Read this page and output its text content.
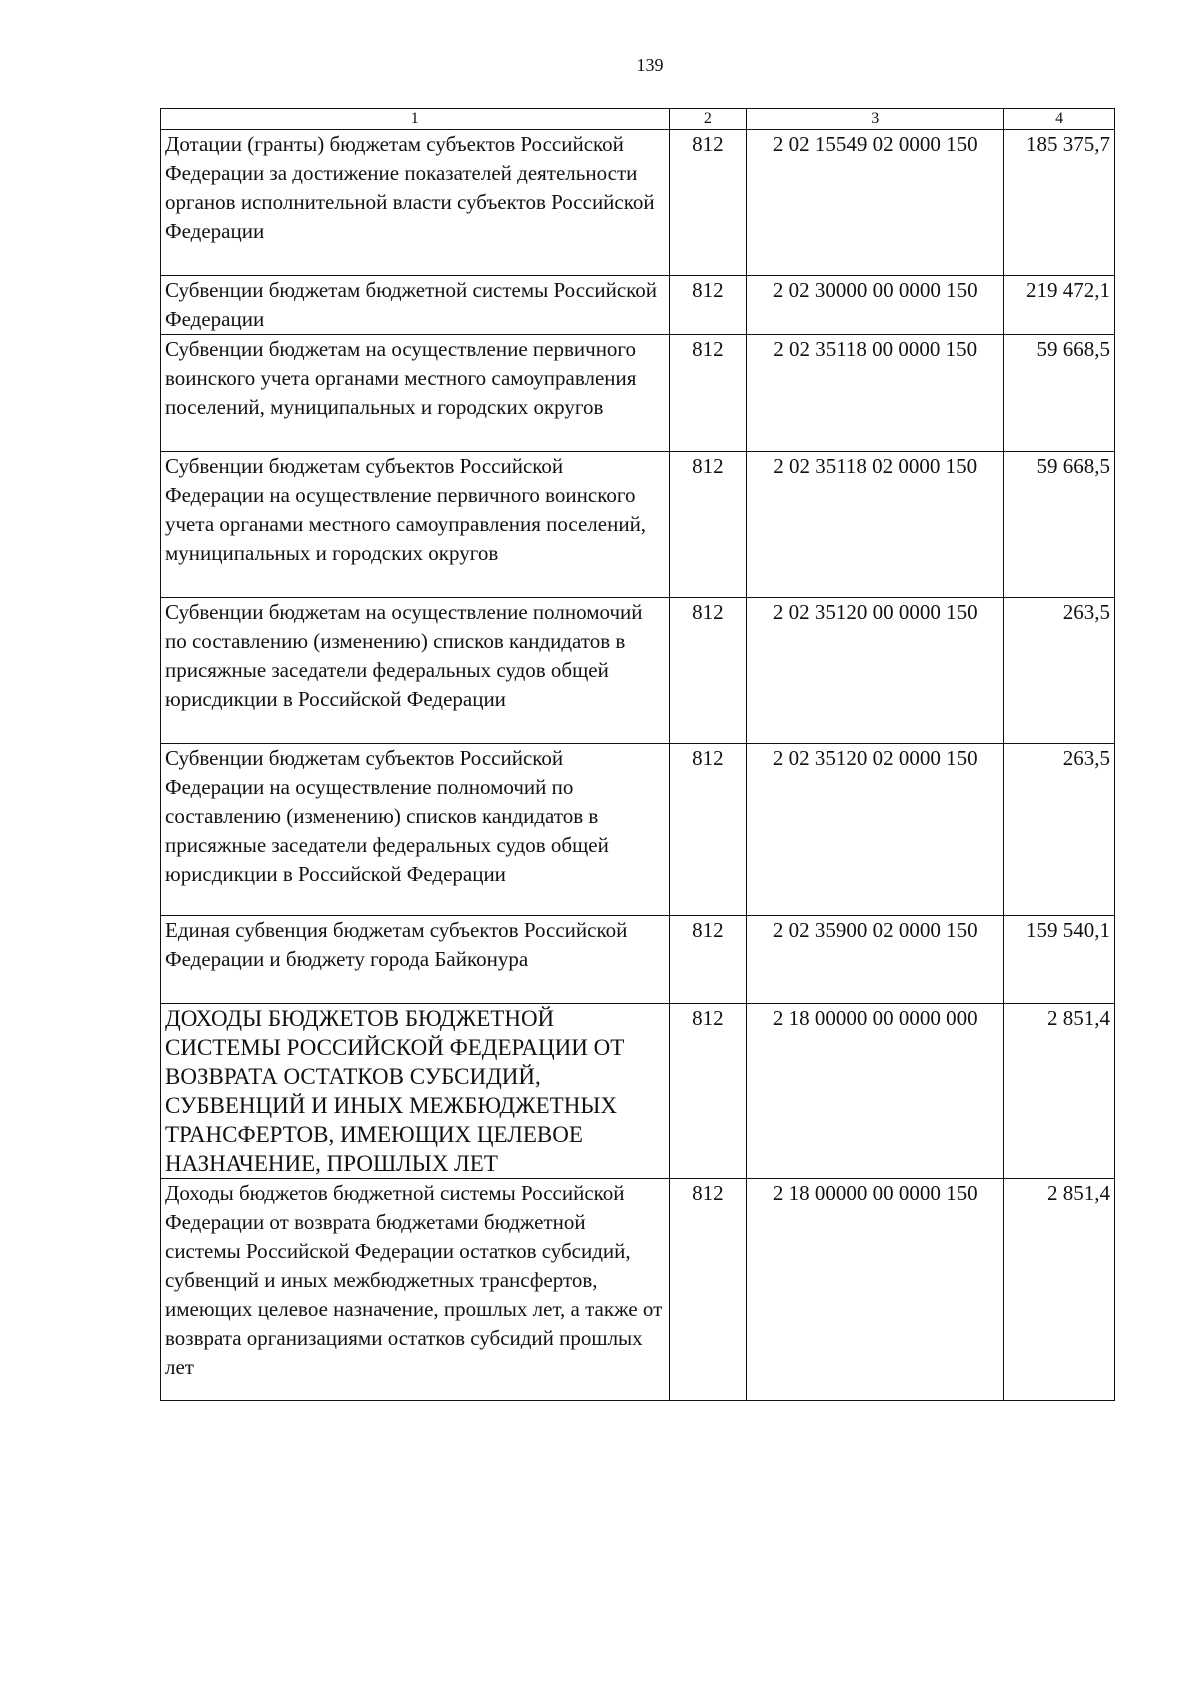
139
1	2	3	4
Дотации (гранты) бюджетам субъектов Российской Федерации за достижение показателей деятельности органов исполнительной власти субъектов Российской Федерации	812	2 02 15549 02 0000 150	185 375,7
Субвенции бюджетам бюджетной системы Российской Федерации	812	2 02 30000 00 0000 150	219 472,1
Субвенции бюджетам на осуществление первичного воинского учета органами местного самоуправления поселений, муниципальных и городских округов	812	2 02 35118 00 0000 150	59 668,5
Субвенции бюджетам субъектов Российской Федерации на осуществление первичного воинского учета органами местного самоуправления поселений, муниципальных и городских округов	812	2 02 35118 02 0000 150	59 668,5
Субвенции бюджетам на осуществление полномочий по составлению (изменению) списков кандидатов в присяжные заседатели федеральных судов общей юрисдикции в Российской Федерации	812	2 02 35120 00 0000 150	263,5
Субвенции бюджетам субъектов Российской Федерации на осуществление полномочий по составлению (изменению) списков кандидатов в присяжные заседатели федеральных судов общей юрисдикции в Российской Федерации	812	2 02 35120 02 0000 150	263,5
Единая субвенция бюджетам субъектов Российской Федерации и бюджету города Байконура	812	2 02 35900 02 0000 150	159 540,1
ДОХОДЫ БЮДЖЕТОВ БЮДЖЕТНОЙ СИСТЕМЫ РОССИЙСКОЙ ФЕДЕРАЦИИ ОТ ВОЗВРАТА ОСТАТКОВ СУБСИДИЙ, СУБВЕНЦИЙ И ИНЫХ МЕЖБЮДЖЕТНЫХ ТРАНСФЕРТОВ, ИМЕЮЩИХ ЦЕЛЕВОЕ НАЗНАЧЕНИЕ, ПРОШЛЫХ ЛЕТ	812	2 18 00000 00 0000 000	2 851,4
Доходы бюджетов бюджетной системы Российской Федерации от возврата бюджетами бюджетной системы Российской Федерации остатков субсидий, субвенций и иных межбюджетных трансфертов, имеющих целевое назначение, прошлых лет, а также от возврата организациями остатков субсидий прошлых лет	812	2 18 00000 00 0000 150	2 851,4
